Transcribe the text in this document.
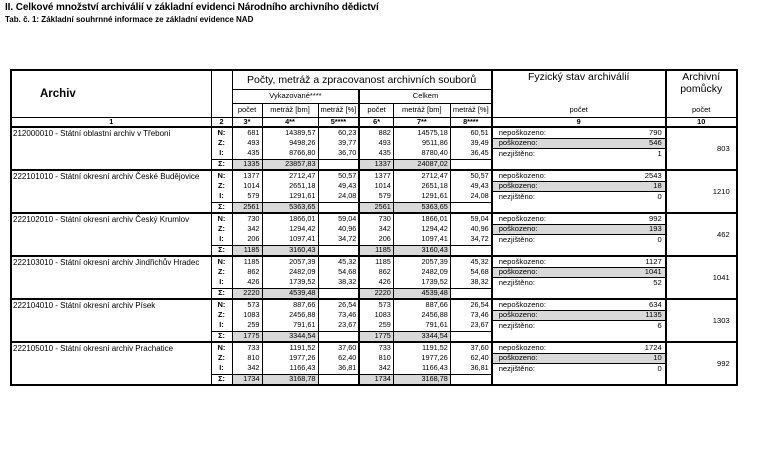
II. Celkové množství archiválií v základní evidenci Národního archivního dědictví
Tab. č. 1: Základní souhrnné informace ze základní evidence NAD
Archiv		Počty, metráž a zpracovanost archivních souborů						Fyzický stav archiválií		Archivní pomůcky
		Vykazované****			Celkem					
		počet	metráž [bm]	metráž [%]	počet	metráž [bm]	metráž [%]	počet		počet
1	2	3*	4**	5****	6*	7**	8****	9		10
212000010 - Státní oblastní archiv v Třeboni	N:	681	14389,57	60,23	882	14575,18	60,51	nepoškozeno:	790	803
	Z:	493	9498,26	39,77	493	9511,86	39,49	poškozeno:	546	
	I:	435	8766,80	36,70	435	8780,40	36,45	nezjištěno:	1	
	Σ:	1335	23857,83		1337	24087,02				
222101010 - Státní okresní archiv České Budějovice	N:	1377	2712,47	50,57	1377	2712,47	50,57	nepoškozeno:	2543	1210
	Z:	1014	2651,18	49,43	1014	2651,18	49,43	poškozeno:	18	
	I:	579	1291,61	24,08	579	1291,61	24,08	nezjištěno:	0	
	Σ:	2561	5363,65		2561	5363,65				
222102010 - Státní okresní archiv Český Krumlov	N:	730	1866,01	59,04	730	1866,01	59,04	nepoškozeno:	992	462
	Z:	342	1294,42	40,96	342	1294,42	40,96	poškozeno:	193	
	I:	206	1097,41	34,72	206	1097,41	34,72	nezjištěno:	0	
	Σ:	1185	3160,43		1185	3160,43				
222103010 - Státní okresní archiv Jindřichův Hradec	N:	1185	2057,39	45,32	1185	2057,39	45,32	nepoškozeno:	1127	1041
	Z:	862	2482,09	54,68	862	2482,09	54,68	poškozeno:	1041	
	I:	426	1739,52	38,32	426	1739,52	38,32	nezjištěno:	52	
	Σ:	2220	4539,48		2220	4539,48				
222104010 - Státní okresní archiv Písek	N:	573	887,66	26,54	573	887,66	26,54	nepoškozeno:	634	1303
	Z:	1083	2456,88	73,46	1083	2456,88	73,46	poškozeno:	1135	
	I:	259	791,61	23,67	259	791,61	23,67	nezjištěno:	6	
	Σ:	1775	3344,54		1775	3344,54				
222105010 - Státní okresní archiv Prachatice	N:	733	1191,52	37,60	733	1191,52	37,60	nepoškozeno:	1724	992
	Z:	810	1977,26	62,40	810	1977,26	62,40	poškozeno:	10	
	I:	342	1166,43	36,81	342	1166,43	36,81	nezjištěno:	0	
	Σ:	1734	3168,78		1734	3168,78				
